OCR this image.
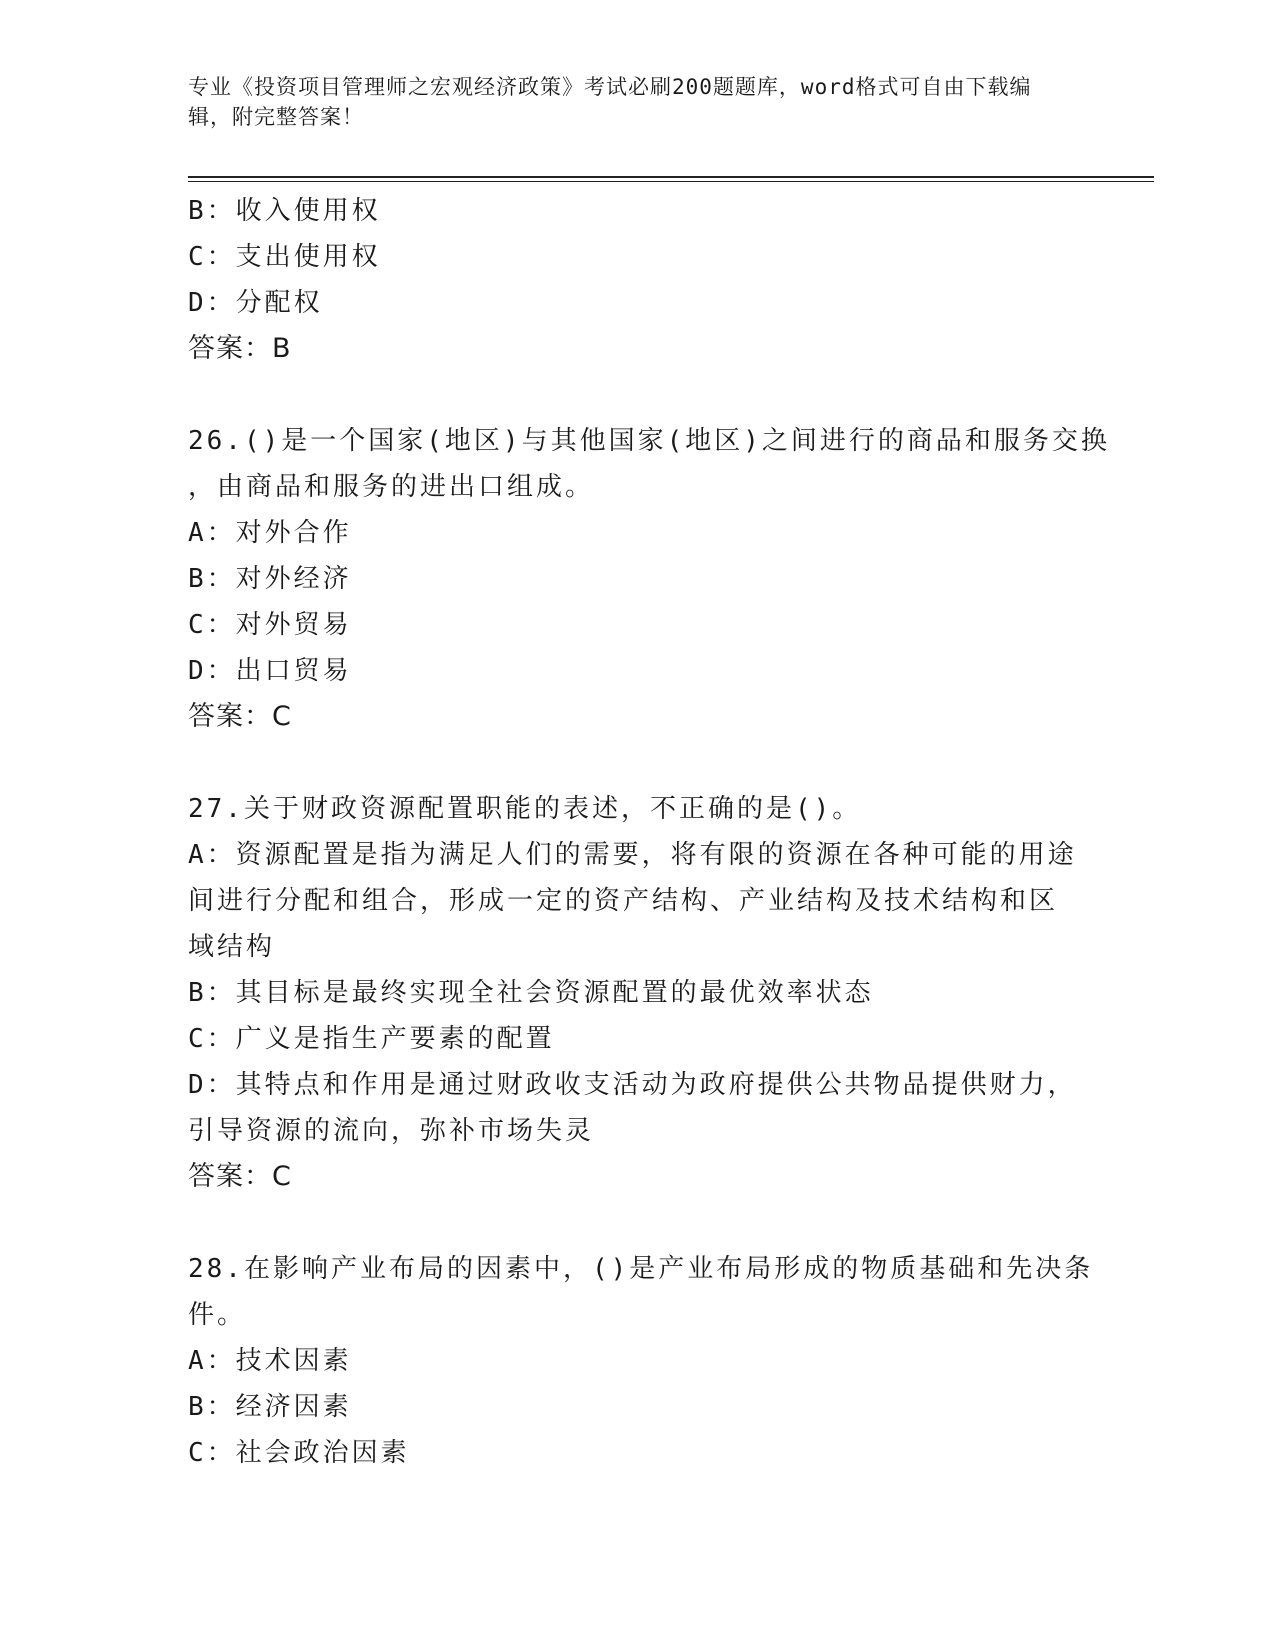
专业《投资项目管理师之宏观经济政策》考试必刷200题题库，word格式可自由下载编辑，附完整答案！
B：收入使用权
C：支出使用权
D：分配权
答案：B
26.()是一个国家(地区)与其他国家(地区)之间进行的商品和服务交换
，由商品和服务的进出口组成。
A：对外合作
B：对外经济
C：对外贸易
D：出口贸易
答案：C
27.关于财政资源配置职能的表述，不正确的是()。
A：资源配置是指为满足人们的需要，将有限的资源在各种可能的用途
间进行分配和组合，形成一定的资产结构、产业结构及技术结构和区
域结构
B：其目标是最终实现全社会资源配置的最优效率状态
C：广义是指生产要素的配置
D：其特点和作用是通过财政收支活动为政府提供公共物品提供财力，
引导资源的流向，弥补市场失灵
答案：C
28.在影响产业布局的因素中，()是产业布局形成的物质基础和先决条
件。
A：技术因素
B：经济因素
C：社会政治因素
